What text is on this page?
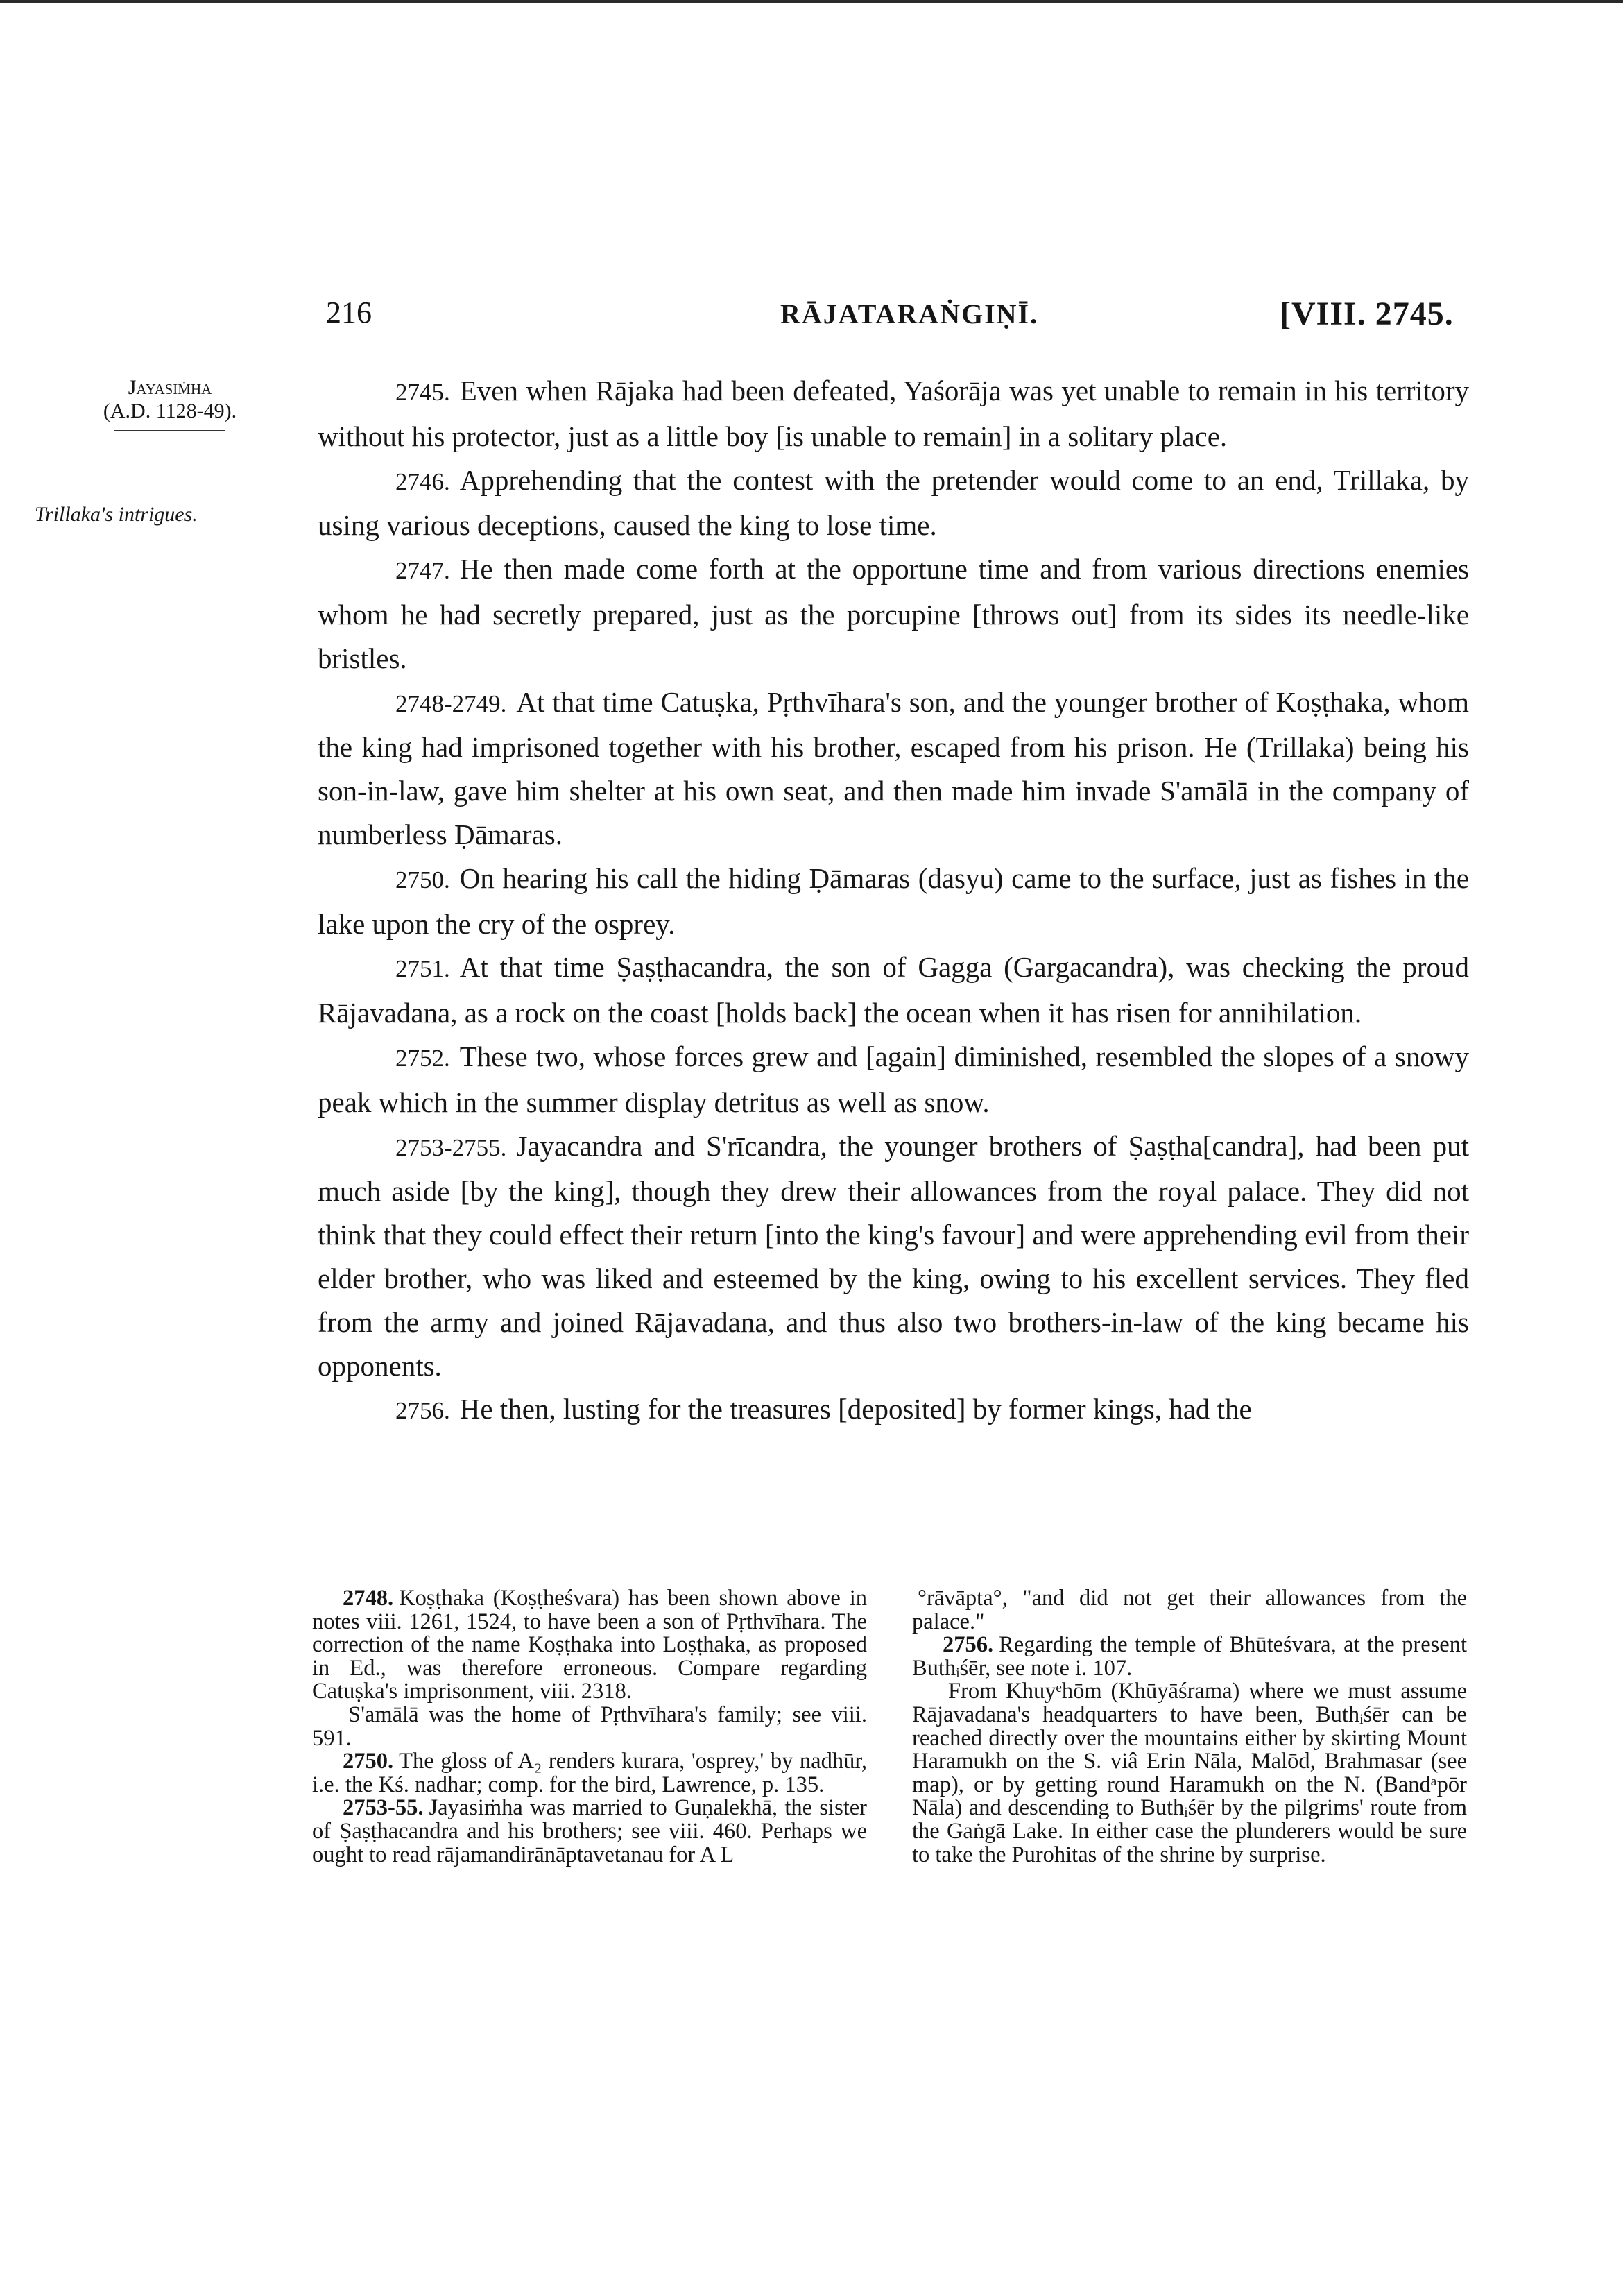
216	RĀJATARAṄGIṆĪ.	[VIII. 2745.
Jayasiṁha
(A.D. 1128-49).
Trillaka's intrigues.

2745. Even when Rājaka had been defeated, Yaśorāja was yet unable to remain in his territory without his protector, just as a little boy [is unable to remain] in a solitary place.

2746. Apprehending that the contest with the pretender would come to an end, Trillaka, by using various deceptions, caused the king to lose time.

2747. He then made come forth at the opportune time and from various directions enemies whom he had secretly prepared, just as the porcupine [throws out] from its sides its needle-like bristles.

2748-2749. At that time Catuṣka, Pṛthvīhara's son, and the younger brother of Koṣṭhaka, whom the king had imprisoned together with his brother, escaped from his prison. He (Trillaka) being his son-in-law, gave him shelter at his own seat, and then made him invade S'amālā in the company of numberless Ḍāmaras.

2750. On hearing his call the hiding Ḍāmaras (dasyu) came to the surface, just as fishes in the lake upon the cry of the osprey.

2751. At that time Ṣaṣṭhacandra, the son of Gagga (Gargacandra), was checking the proud Rājavadana, as a rock on the coast [holds back] the ocean when it has risen for annihilation.

2752. These two, whose forces grew and [again] diminished, resembled the slopes of a snowy peak which in the summer display detritus as well as snow.

2753-2755. Jayacandra and S'rīcandra, the younger brothers of Ṣaṣṭha[candra], had been put much aside [by the king], though they drew their allowances from the royal palace. They did not think that they could effect their return [into the king's favour] and were apprehending evil from their elder brother, who was liked and esteemed by the king, owing to his excellent services. They fled from the army and joined Rājavadana, and thus also two brothers-in-law of the king became his opponents.

2756. He then, lusting for the treasures [deposited] by former kings, had the

2748. Koṣṭhaka (Koṣṭheśvara) has been shown above in notes viii. 1261, 1524, to have been a son of Pṛthvīhara. The correction of the name Koṣṭhaka into Loṣṭhaka, as proposed in Ed., was therefore erroneous. Compare regarding Catuṣka's imprisonment, viii. 2318.

S'amālā was the home of Pṛthvīhara's family; see viii. 591.

2750. The gloss of A₂ renders kurara, 'osprey,' by nadhūr, i.e. the Kś. nadhar; comp. for the bird, Lawrence, p. 135.

2753-55. Jayasiṁha was married to Guṇalekhā, the sister of Ṣaṣṭhacandra and his brothers; see viii. 460. Perhaps we ought to read rājamandirānāptavetanau for A L

°rāvāpta°, "and did not get their allowances from the palace."

2756. Regarding the temple of Bhūteśvara, at the present Buthᵢśēr, see note i. 107.

From Khuyᵉhōm (Khūyāśrama) where we must assume Rājavadana's headquarters to have been, Buthᵢśēr can be reached directly over the mountains either by skirting Mount Haramukh on the S. viâ Erin Nāla, Malōd, Brahmasar (see map), or by getting round Haramukh on the N. (Bandᵃpōr Nāla) and descending to Buthᵢśēr by the pilgrims' route from the Gaṅgā Lake. In either case the plunderers would be sure to take the Purohitas of the shrine by surprise.
